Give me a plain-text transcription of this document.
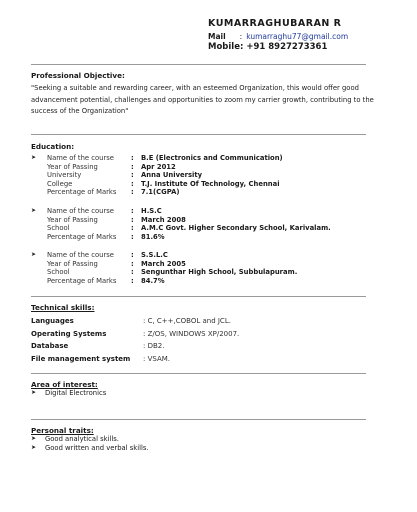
KUMARRAGHUBARAN R
Mail : kumarraghu77@gmail.com
Mobile: +91 8927273361
Professional Objective:
"Seeking a suitable and rewarding career, with an esteemed Organization, this would offer good advancement potential, challenges and opportunities to zoom my carrier growth, contributing to the success of the Organization"
Education:
➤	Name of the course	:	B.E (Electronics and Communication)
Year of Passing	:	Apr 2012
University	:	Anna University
College	:	T.J. Institute Of Technology, Chennai
Percentage of Marks	:	7.1(CGPA)
➤	Name of the course	:	H.S.C
Year of Passing	:	March 2008
School	:	A.M.C Govt. Higher Secondary School, Karivalam.
Percentage of Marks	:	81.6%
➤	Name of the course	:	S.S.L.C
Year of Passing	:	March 2005
School	:	Sengunthar High School, Subbulapuram.
Percentage of Marks	:	84.7%
Technical skills:
Languages	: C, C++,COBOL and JCL.
Operating Systems	: Z/OS, WINDOWS XP/2007.
Database	: DB2.
File management system	: VSAM.
Area of interest:
➤	Digital Electronics
Personal traits:
➤	Good analytical skills.
➤	Good written and verbal skills.
